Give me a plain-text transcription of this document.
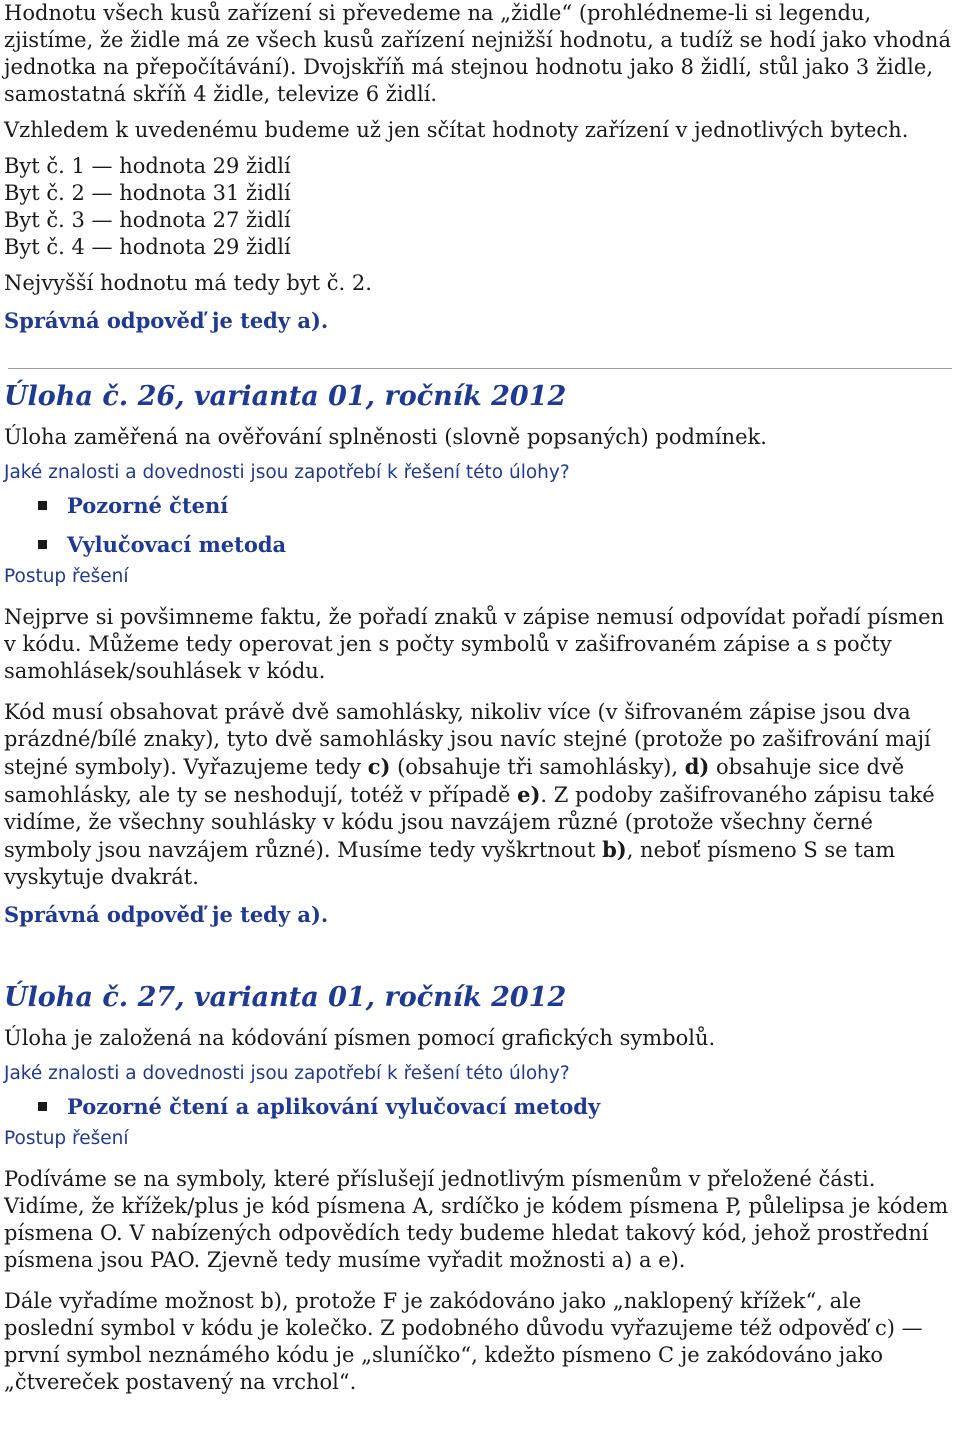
Hodnotu všech kusů zařízení si převedeme na „židle“ (prohlédneme-li si legendu, zjistíme, že židle má ze všech kusů zařízení nejnižší hodnotu, a tudíž se hodí jako vhodná jednotka na přepočítávání). Dvojskříň má stejnou hodnotu jako 8 židlí, stůl jako 3 židle, samostatná skříň 4 židle, televize 6 židlí.

Vzhledem k uvedenému budeme už jen sčítat hodnoty zařízení v jednotlivých bytech.

Byt č. 1 — hodnota 29 židlí

Byt č. 2 — hodnota 31 židlí

Byt č. 3 — hodnota 27 židlí

Byt č. 4 — hodnota 29 židlí

Nejvyšší hodnotu má tedy byt č. 2.

Správná odpověď je tedy a).

Úloha č. 26, varianta 01, ročník 2012

Úloha zaměřená na ověřování splněnosti (slovně popsaných) podmínek.

Jaké znalosti a dovednosti jsou zapotřebí k řešení této úlohy?

Pozorné čtení
Vylučovací metoda

Postup řešení

Nejprve si povšimneme faktu, že pořadí znaků v zápise nemusí odpovídat pořadí písmen v kódu. Můžeme tedy operovat jen s počty symbolů v zašifrovaném zápise a s počty samohlásek/souhlásek v kódu.

Kód musí obsahovat právě dvě samohlásky, nikoliv více (v šifrovaném zápise jsou dva prázdné/bílé znaky), tyto dvě samohlásky jsou navíc stejné (protože po zašifrování mají stejné symboly). Vyřazujeme tedy c) (obsahuje tři samohlásky), d) obsahuje sice dvě samohlásky, ale ty se neshodují, totéž v případě e). Z podoby zašifrovaného zápisu také vidíme, že všechny souhlásky v kódu jsou navzájem různé (protože všechny černé symboly jsou navzájem různé). Musíme tedy vyškrtnout b), neboť písmeno S se tam vyskytuje dvakrát.

Správná odpověď je tedy a).

Úloha č. 27, varianta 01, ročník 2012

Úloha je založená na kódování písmen pomocí grafických symbolů.

Jaké znalosti a dovednosti jsou zapotřebí k řešení této úlohy?

Pozorné čtení a aplikování vylučovací metody

Postup řešení

Podíváme se na symboly, které příslušejí jednotlivým písmenům v přeložené části. Vidíme, že křížek/plus je kód písmena A, srdíčko je kódem písmena P, půlelipsa je kódem písmena O. V nabízených odpovědích tedy budeme hledat takový kód, jehož prostřední písmena jsou PAO. Zjevně tedy musíme vyřadit možnosti a) a e).

Dále vyřadíme možnost b), protože F je zakódováno jako „naklopený křížek“, ale poslední symbol v kódu je kolečko. Z podobného důvodu vyřazujeme též odpověď c) — první symbol neznámého kódu je „sluníčko“, kdežto písmeno C je zakódováno jako „čtvereček postavený na vrchol“.
